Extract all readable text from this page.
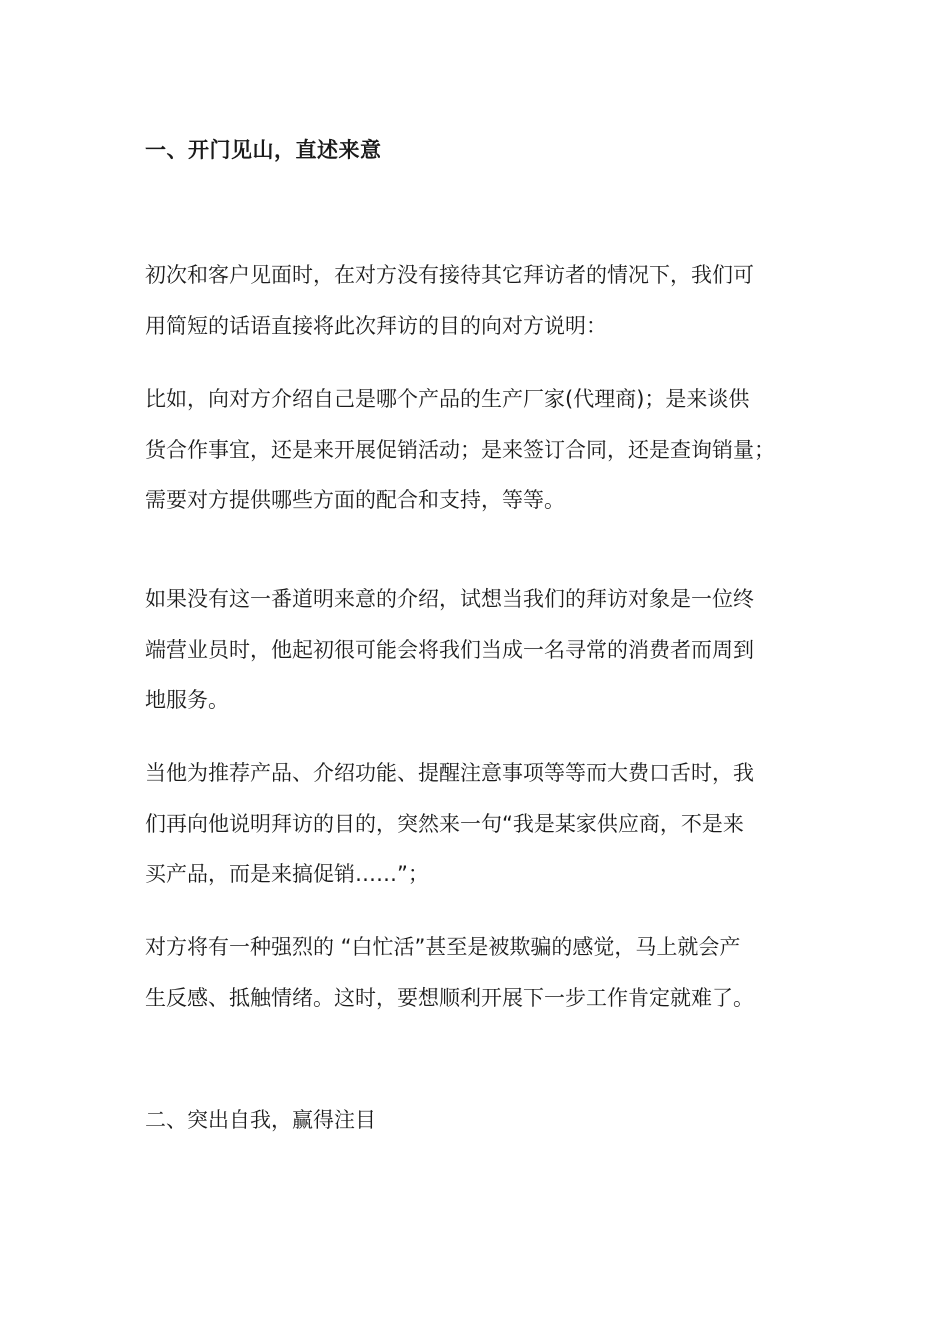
一、开门见山，直述来意
初次和客户见面时，在对方没有接待其它拜访者的情况下，我们可
用简短的话语直接将此次拜访的目的向对方说明：
比如，向对方介绍自己是哪个产品的生产厂家(代理商)；是来谈供
货合作事宜，还是来开展促销活动；是来签订合同，还是查询销量；
需要对方提供哪些方面的配合和支持，等等。
如果没有这一番道明来意的介绍，试想当我们的拜访对象是一位终
端营业员时，他起初很可能会将我们当成一名寻常的消费者而周到
地服务。
当他为推荐产品、介绍功能、提醒注意事项等等而大费口舌时，我
们再向他说明拜访的目的，突然来一句“我是某家供应商，不是来
买产品，而是来搞促销……”；
对方将有一种强烈的 “白忙活”甚至是被欺骗的感觉，马上就会产
生反感、抵触情绪。这时，要想顺利开展下一步工作肯定就难了。
二、突出自我，赢得注目
